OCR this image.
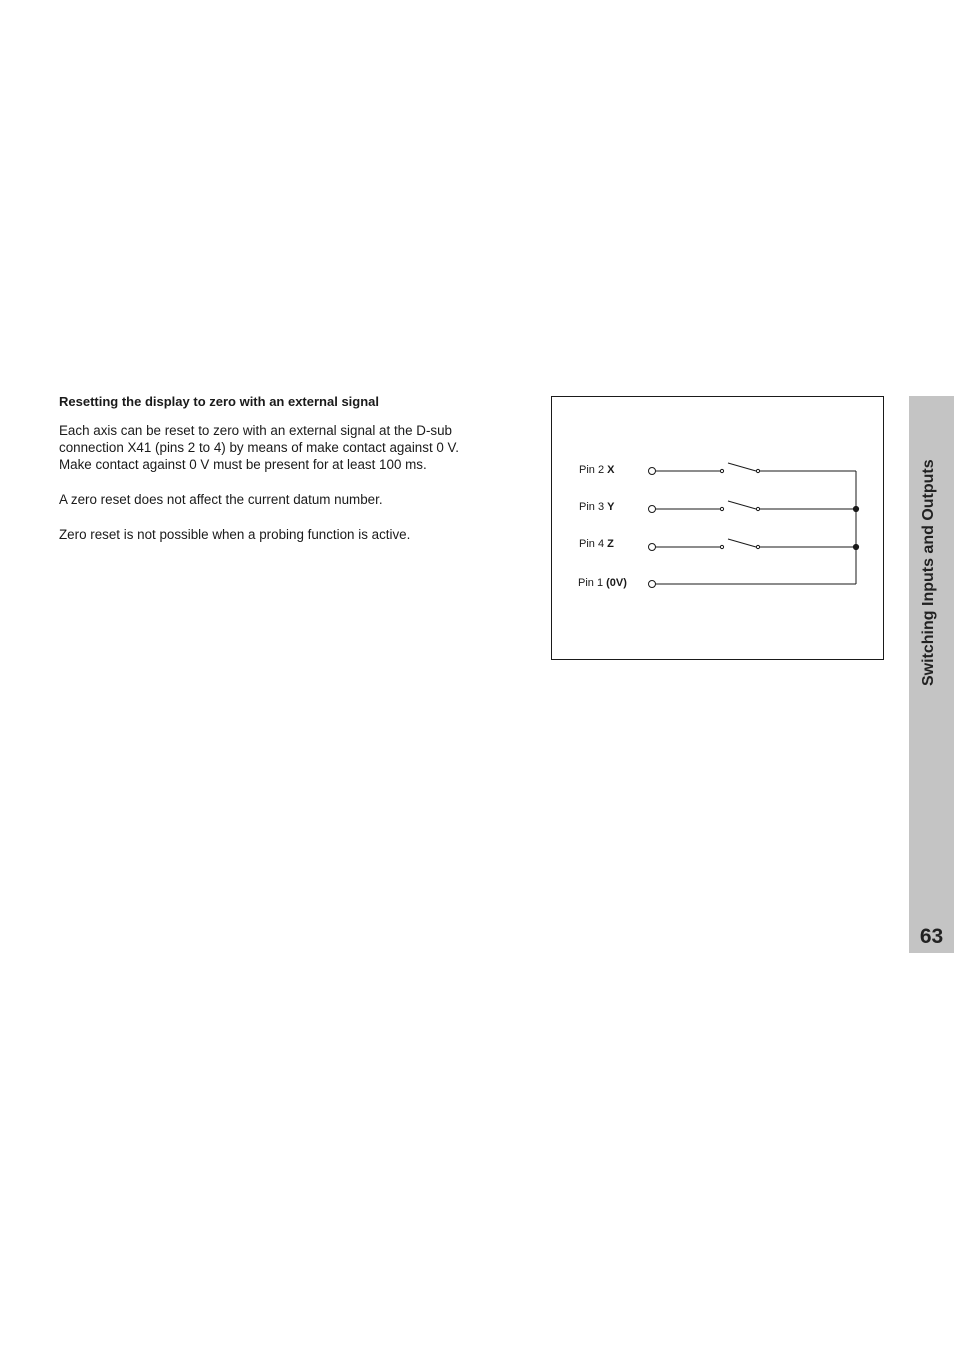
Resetting the display to zero with an external signal

Each axis can be reset to zero with an external signal at the D-sub
connection X41 (pins 2 to 4) by means of make contact against 0 V.
Make contact against 0 V must be present for at least 100 ms.

A zero reset does not affect the current datum number.

Zero reset is not possible when a probing function is active.

Pin 2 X
Pin 3 Y
Pin 4 Z
Pin 1 (0V)	Switching Inputs and Outputs
63
